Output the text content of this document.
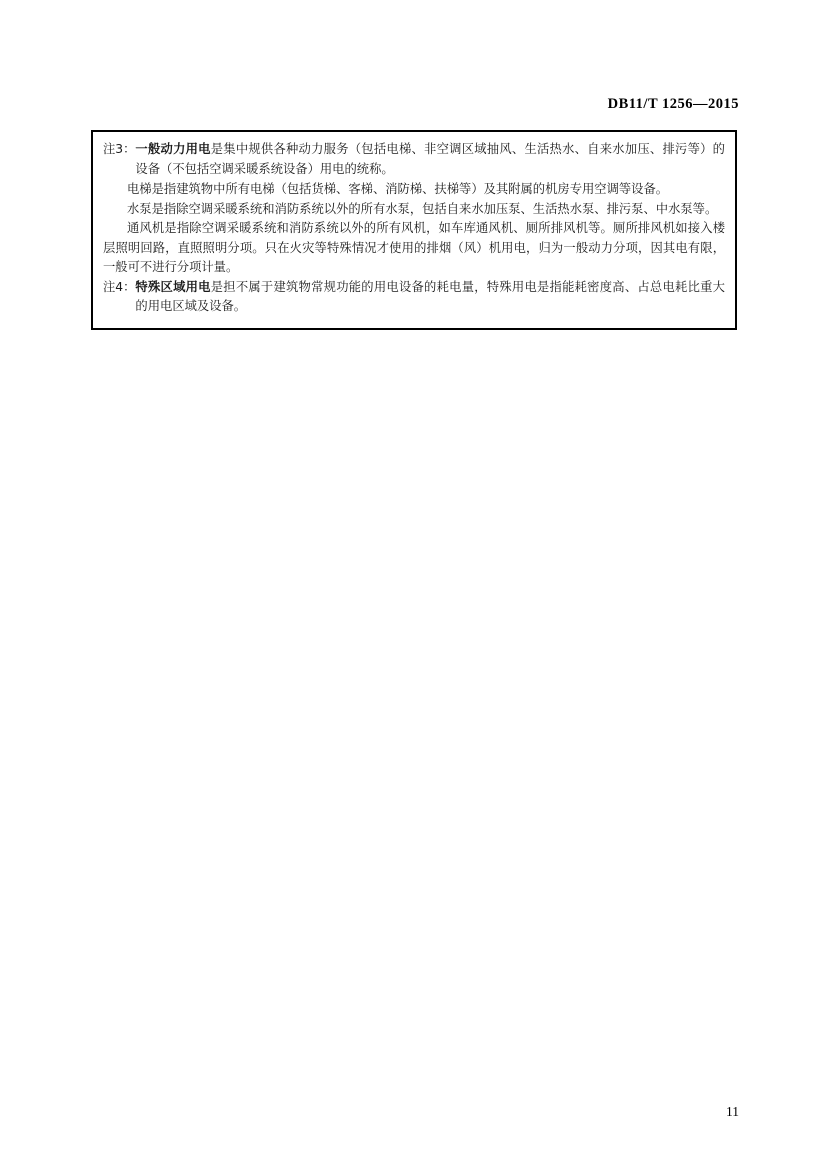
DB11/T 1256—2015
注3： 一般动力用电是集中规供各种动力服务（包括电梯、非空调区域抽风、生活热水、自来水加压、排污等）的设备（不包括空调采暖系统设备）用电的统称。

电梯是指建筑物中所有电梯（包括货梯、客梯、消防梯、扶梯等）及其附属的机房专用空调等设备。

水泵是指除空调采暖系统和消防系统以外的所有水泵，包括自来水加压泵、生活热水泵、排污泵、中水泵等。

通风机是指除空调采暖系统和消防系统以外的所有风机，如车库通风机、厕所排风机等。厕所排风机如接入楼层照明回路，直照照明分项。只在火灾等特殊情况才使用的排烟（风）机用电，归为一般动力分项，因其电有限，一般可不进行分项计量。

注4： 特殊区域用电是担不属于建筑物常规功能的用电设备的耗电量，特殊用电是指能耗密度高、占总电耗比重大的用电区域及设备。
11
